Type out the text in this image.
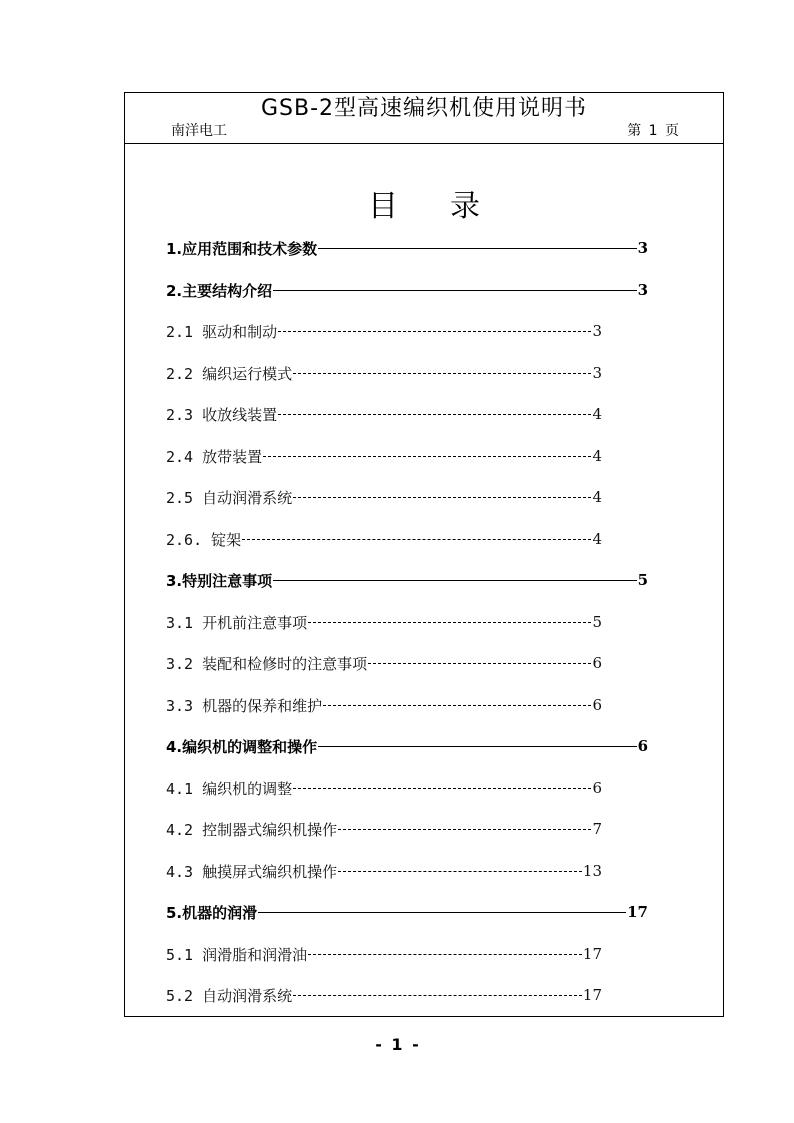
GSB-2型高速编织机使用说明书
南洋电工	第 1 页
目录
1.应用范围和技术参数	3
2.主要结构介绍	3
2.1 驱动和制动	3
2.2 编织运行模式	3
2.3 收放线装置	4
2.4 放带装置	4
2.5 自动润滑系统	4
2.6. 锭架	4
3.特别注意事项	5
3.1 开机前注意事项	5
3.2 装配和检修时的注意事项	6
3.3 机器的保养和维护	6
4.编织机的调整和操作	6
4.1 编织机的调整	6
4.2 控制器式编织机操作	7
4.3 触摸屏式编织机操作	13
5.机器的润滑	17
5.1 润滑脂和润滑油	17
5.2 自动润滑系统	17
- 1 -
